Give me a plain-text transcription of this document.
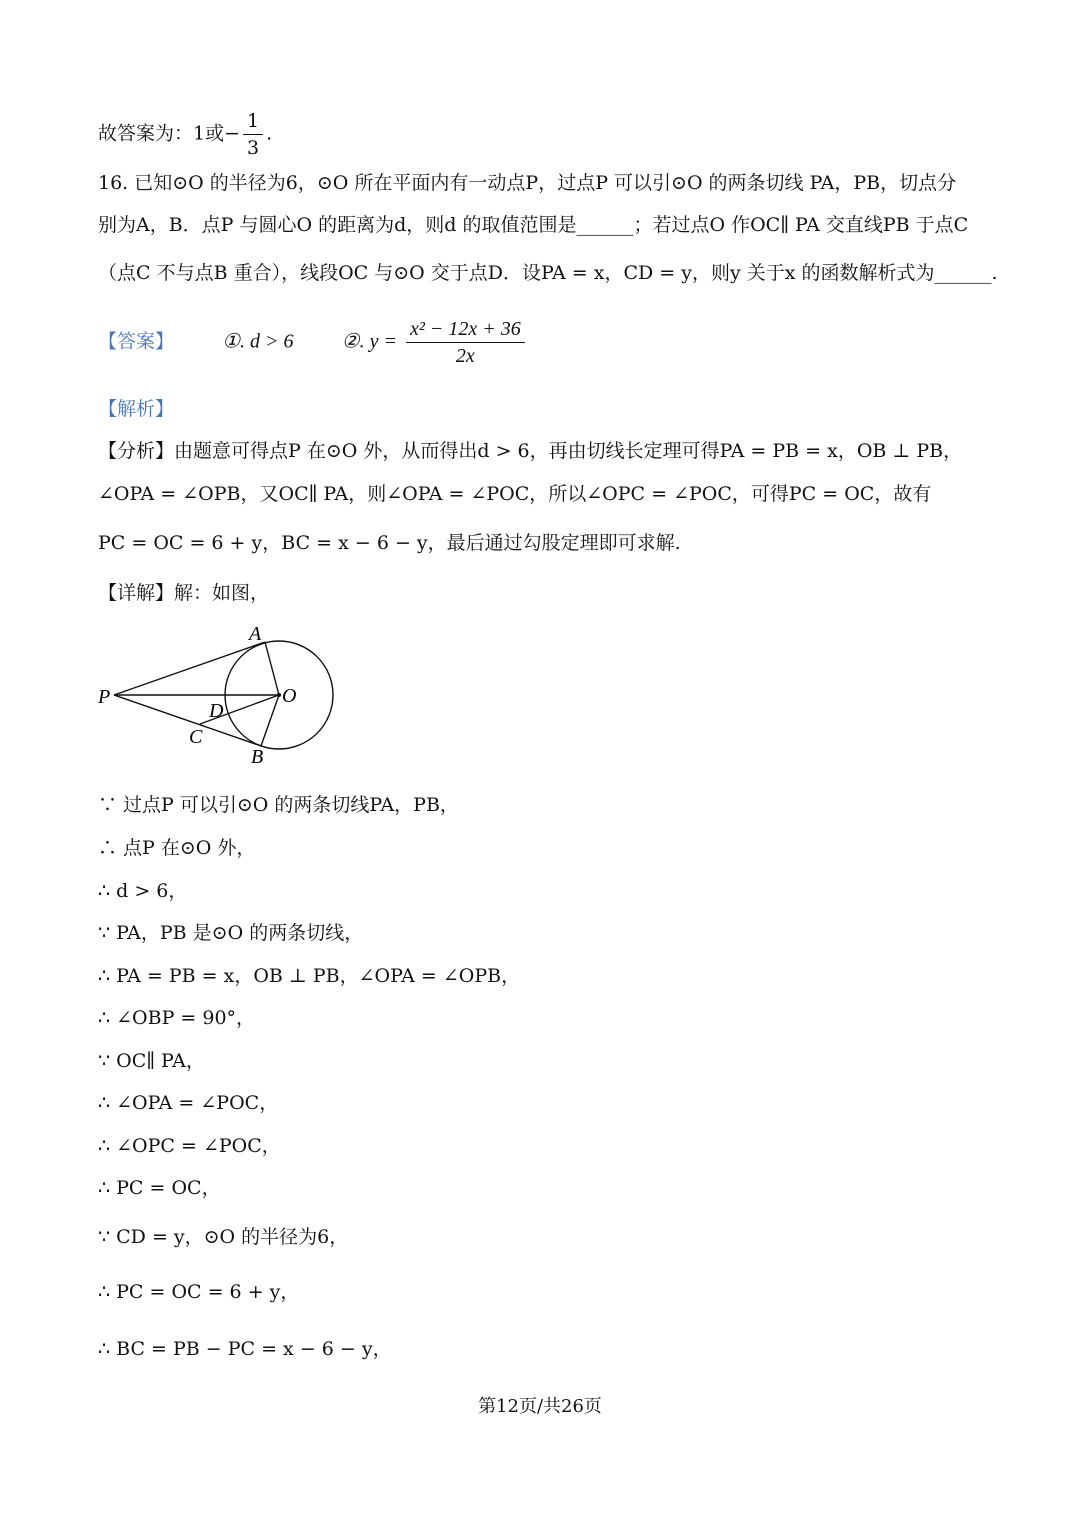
故答案为：1或− $\frac{1}{3}$ .
16. 已知⊙O 的半径为6，⊙O 所在平面内有一动点P，过点P 可以引⊙O 的两条切线 PA，PB，切点分
别为A，B．点P 与圆心O 的距离为d，则d 的取值范围是______；若过点O 作OC∥ PA 交直线PB 于点C
（点C 不与点B 重合），线段OC 与⊙O 交于点D．设PA = x，CD = y，则y 关于x 的函数解析式为______.
【答案】 ①. d > 6 ②. $y = \frac{\text{x² − 12x + 36}}{2x}$
【解析】
【分析】由题意可得点P 在⊙O 外，从而得出d > 6，再由切线长定理可得PA = PB = x，OB ⊥ PB，
∠OPA = ∠OPB，又OC∥ PA，则∠OPA = ∠POC，所以∠OPC = ∠POC，可得PC = OC，故有
PC = OC = 6 + y，BC = x − 6 − y，最后通过勾股定理即可求解.
【详解】解：如图，
A
P	O
D
C
B
∵ 过点P 可以引⊙O 的两条切线PA，PB，
∴ 点P 在⊙O 外，
∴ d > 6，
∵ PA，PB 是⊙O 的两条切线，
∴ PA = PB = x，OB ⊥ PB，∠OPA = ∠OPB，
∴ ∠OBP = 90°，
∵ OC∥ PA，
∴ ∠OPA = ∠POC，
∴ ∠OPC = ∠POC，
∴ PC = OC，
∵ CD = y，⊙O 的半径为6，
∴ PC = OC = 6 + y，
∴ BC = PB − PC = x − 6 − y，
第12页/共26页
